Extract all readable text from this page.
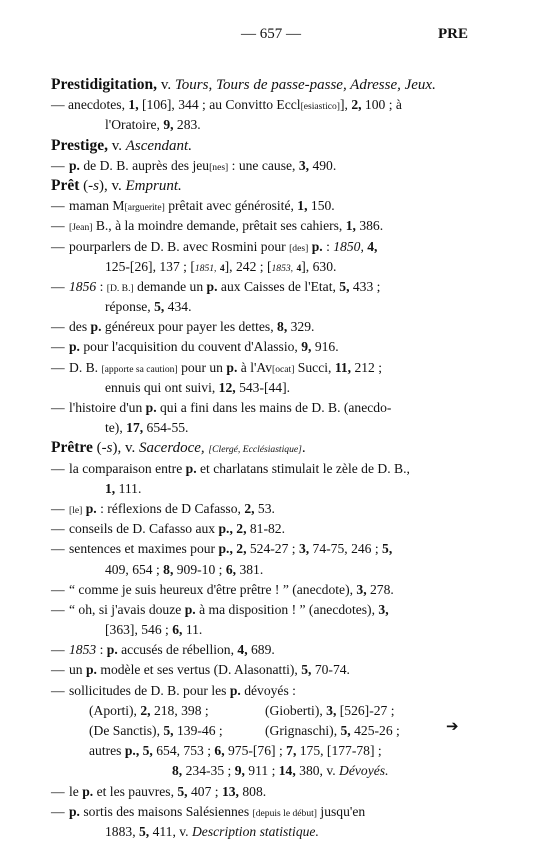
— 657 —	PRE
Prestidigitation, v. Tours, Tours de passe-passe, Adresse, Jeux.
— anecdotes, 1, [106], 344 ; au Convitto Eccl[esiastico]], 2, 100 ; à
l'Oratoire, 9, 283.
Prestige, v. Ascendant.
— p. de D. B. auprès des jeu[nes] : une cause, 3, 490.
Prêt (-s), v. Emprunt.
— maman M[arguerite] prêtait avec générosité, 1, 150.
— [Jean] B., à la moindre demande, prêtait ses cahiers, 1, 386.
— pourparlers de D. B. avec Rosmini pour [des] p. : 1850, 4,
125-[26], 137 ; [1851, 4], 242 ; [1853, 4], 630.
— 1856 : [D. B.] demande un p. aux Caisses de l'Etat, 5, 433 ;
réponse, 5, 434.
— des p. généreux pour payer les dettes, 8, 329.
— p. pour l'acquisition du couvent d'Alassio, 9, 916.
— D. B. [apporte sa caution] pour un p. à l'Av[ocat] Succi, 11, 212 ;
ennuis qui ont suivi, 12, 543-[44].
— l'histoire d'un p. qui a fini dans les mains de D. B. (anecdo-
te), 17, 654-55.
Prêtre (-s), v. Sacerdoce, [Clergé, Ecclésiastique].
— la comparaison entre p. et charlatans stimulait le zèle de D. B.,
1, 111.
— [le] p. : réflexions de D Cafasso, 2, 53.
— conseils de D. Cafasso aux p., 2, 81-82.
— sentences et maximes pour p., 2, 524-27 ; 3, 74-75, 246 ; 5,
409, 654 ; 8, 909-10 ; 6, 381.
— “ comme je suis heureux d'être prêtre ! ” (anecdote), 3, 278.
— “ oh, si j'avais douze p. à ma disposition ! ” (anecdotes), 3,
[363], 546 ; 6, 11.
— 1853 : p. accusés de rébellion, 4, 689.
— un p. modèle et ses vertus (D. Alasonatti), 5, 70-74.
— sollicitudes de D. B. pour les p. dévoyés :
(Aporti), 2, 218, 398 ;	(Gioberti), 3, [526]-27 ;
(De Sanctis), 5, 139-46 ;	(Grignaschi), 5, 425-26 ;
autres p., 5, 654, 753 ; 6, 975-[76] ; 7, 175, [177-78] ;
8, 234-35 ; 9, 911 ; 14, 380, v. Dévoyés.
— le p. et les pauvres, 5, 407 ; 13, 808.
— p. sortis des maisons Salésiennes [depuis le début] jusqu'en
1883, 5, 411, v. Description statistique.
➔
